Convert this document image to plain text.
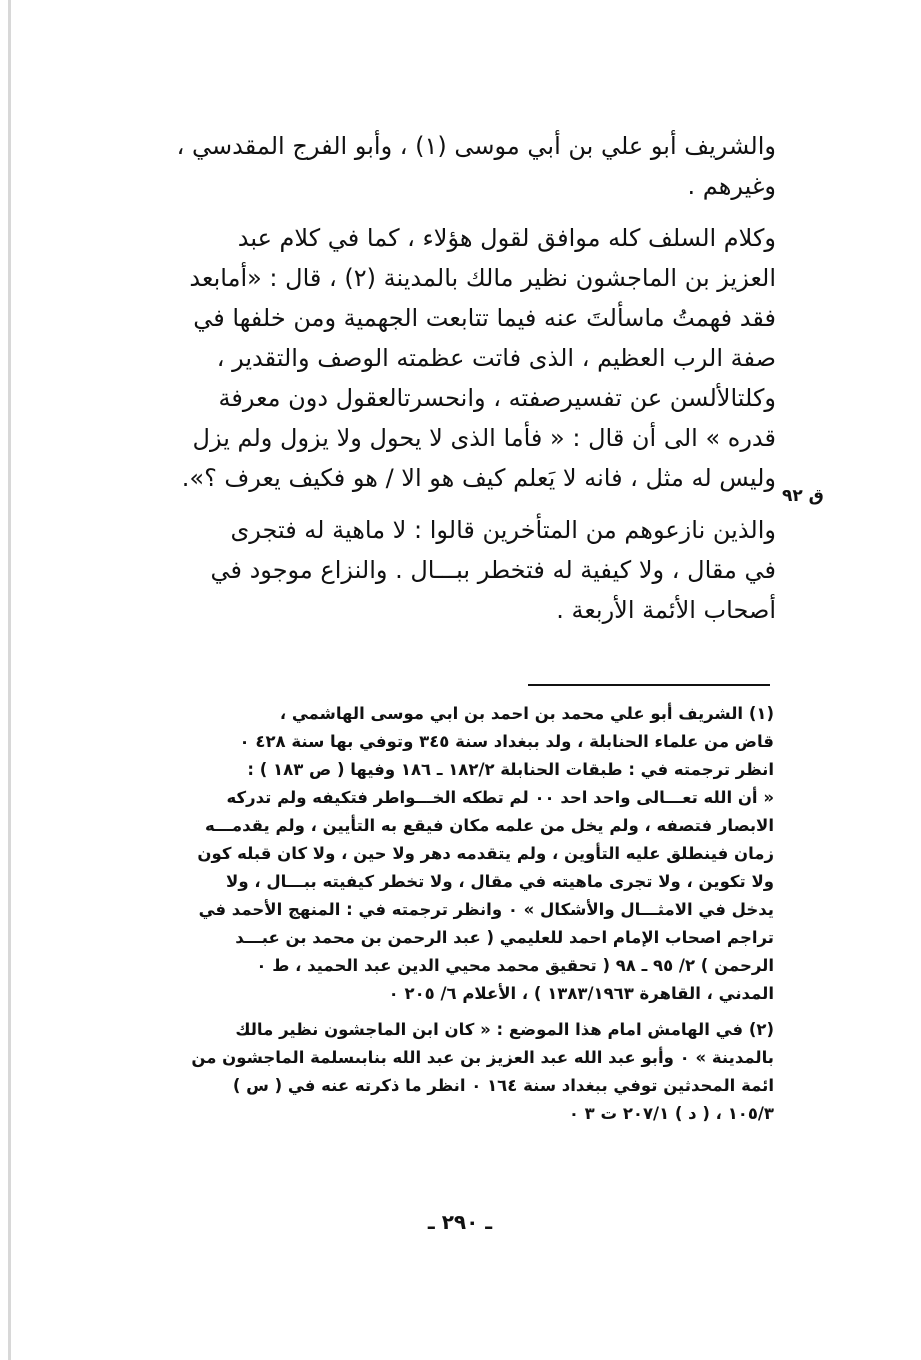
والشريف أبو علي بن أبي موسى (١) ، وأبو الفرج المقدسي ،
وغيرهم .

وكلام السلف كله موافق لقول هؤلاء ، كما في كلام عبد
العزيز بن الماجشون نظير مالك بالمدينة (٢) ، قال : «أمابعد
فقد فهمتُ ماسألتَ عنه فيما تتابعت الجهمية ومن خلفها في
صفة الرب العظيم ، الذى فاتت عظمته الوصف والتقدير ،
وكلتالألسن عن تفسيرصفته ، وانحسرتالعقول دون معرفة
قدره » الى أن قال : « فأما الذى لا يحول ولا يزول ولم يزل
وليس له مثل ، فانه لا يَعلم كيف هو الا / هو فكيف يعرف ؟».

والذين نازعوهم من المتأخرين قالوا : لا ماهية له فتجرى
في مقال ، ولا كيفية له فتخطر ببـــال . والنزاع موجود في
أصحاب الأئمة الأربعة .

ق ٩٢
(١) الشريف أبو علي محمد بن احمد بن ابي موسى الهاشمي ،
قاض من علماء الحنابلة ، ولد ببغداد سنة ٣٤٥ وتوفي بها سنة ٤٢٨ ٠
انظر ترجمته في : طبقات الحنابلة ١٨٢/٢ ـ ١٨٦ وفيها ( ص ١٨٣ ) :
« أن الله تعـــالى واحد احد ٠٠ لم تطكه الخـــواطر فتكيفه ولم تدركه
الابصار فتصفه ، ولم يخل من علمه مكان فيقع به التأيين ، ولم يقدمـــه
زمان فينطلق عليه التأوين ، ولم يتقدمه دهر ولا حين ، ولا كان قبله كون
ولا تكوين ، ولا تجرى ماهيته في مقال ، ولا تخطر كيفيته ببـــال ، ولا
يدخل في الامثـــال والأشكال » ٠ وانظر ترجمته في : المنهج الأحمد في
تراجم اصحاب الإمام احمد للعليمي ( عبد الرحمن بن محمد بن عبـــد
الرحمن ) ٢/ ٩٥ ـ ٩٨ ( تحقيق محمد محيي الدين عبد الحميد ، ط ٠
المدني ، القاهرة ١٣٨٣/١٩٦٣ ) ، الأعلام ٦/ ٢٠٥ ٠
(٢) في الهامش امام هذا الموضع : « كان ابن الماجشون نظير مالك
بالمدينة » ٠ وأبو عبد الله عبد العزيز بن عبد الله بنابىسلمة الماجشون من
ائمة المحدثين توفي ببغداد سنة ١٦٤ ٠ انظر ما ذكرته عنه في ( س )
١٠٥/٣ ، ( د ) ٢٠٧/١ ت ٣ ٠
ـ ٢٩٠ ـ
